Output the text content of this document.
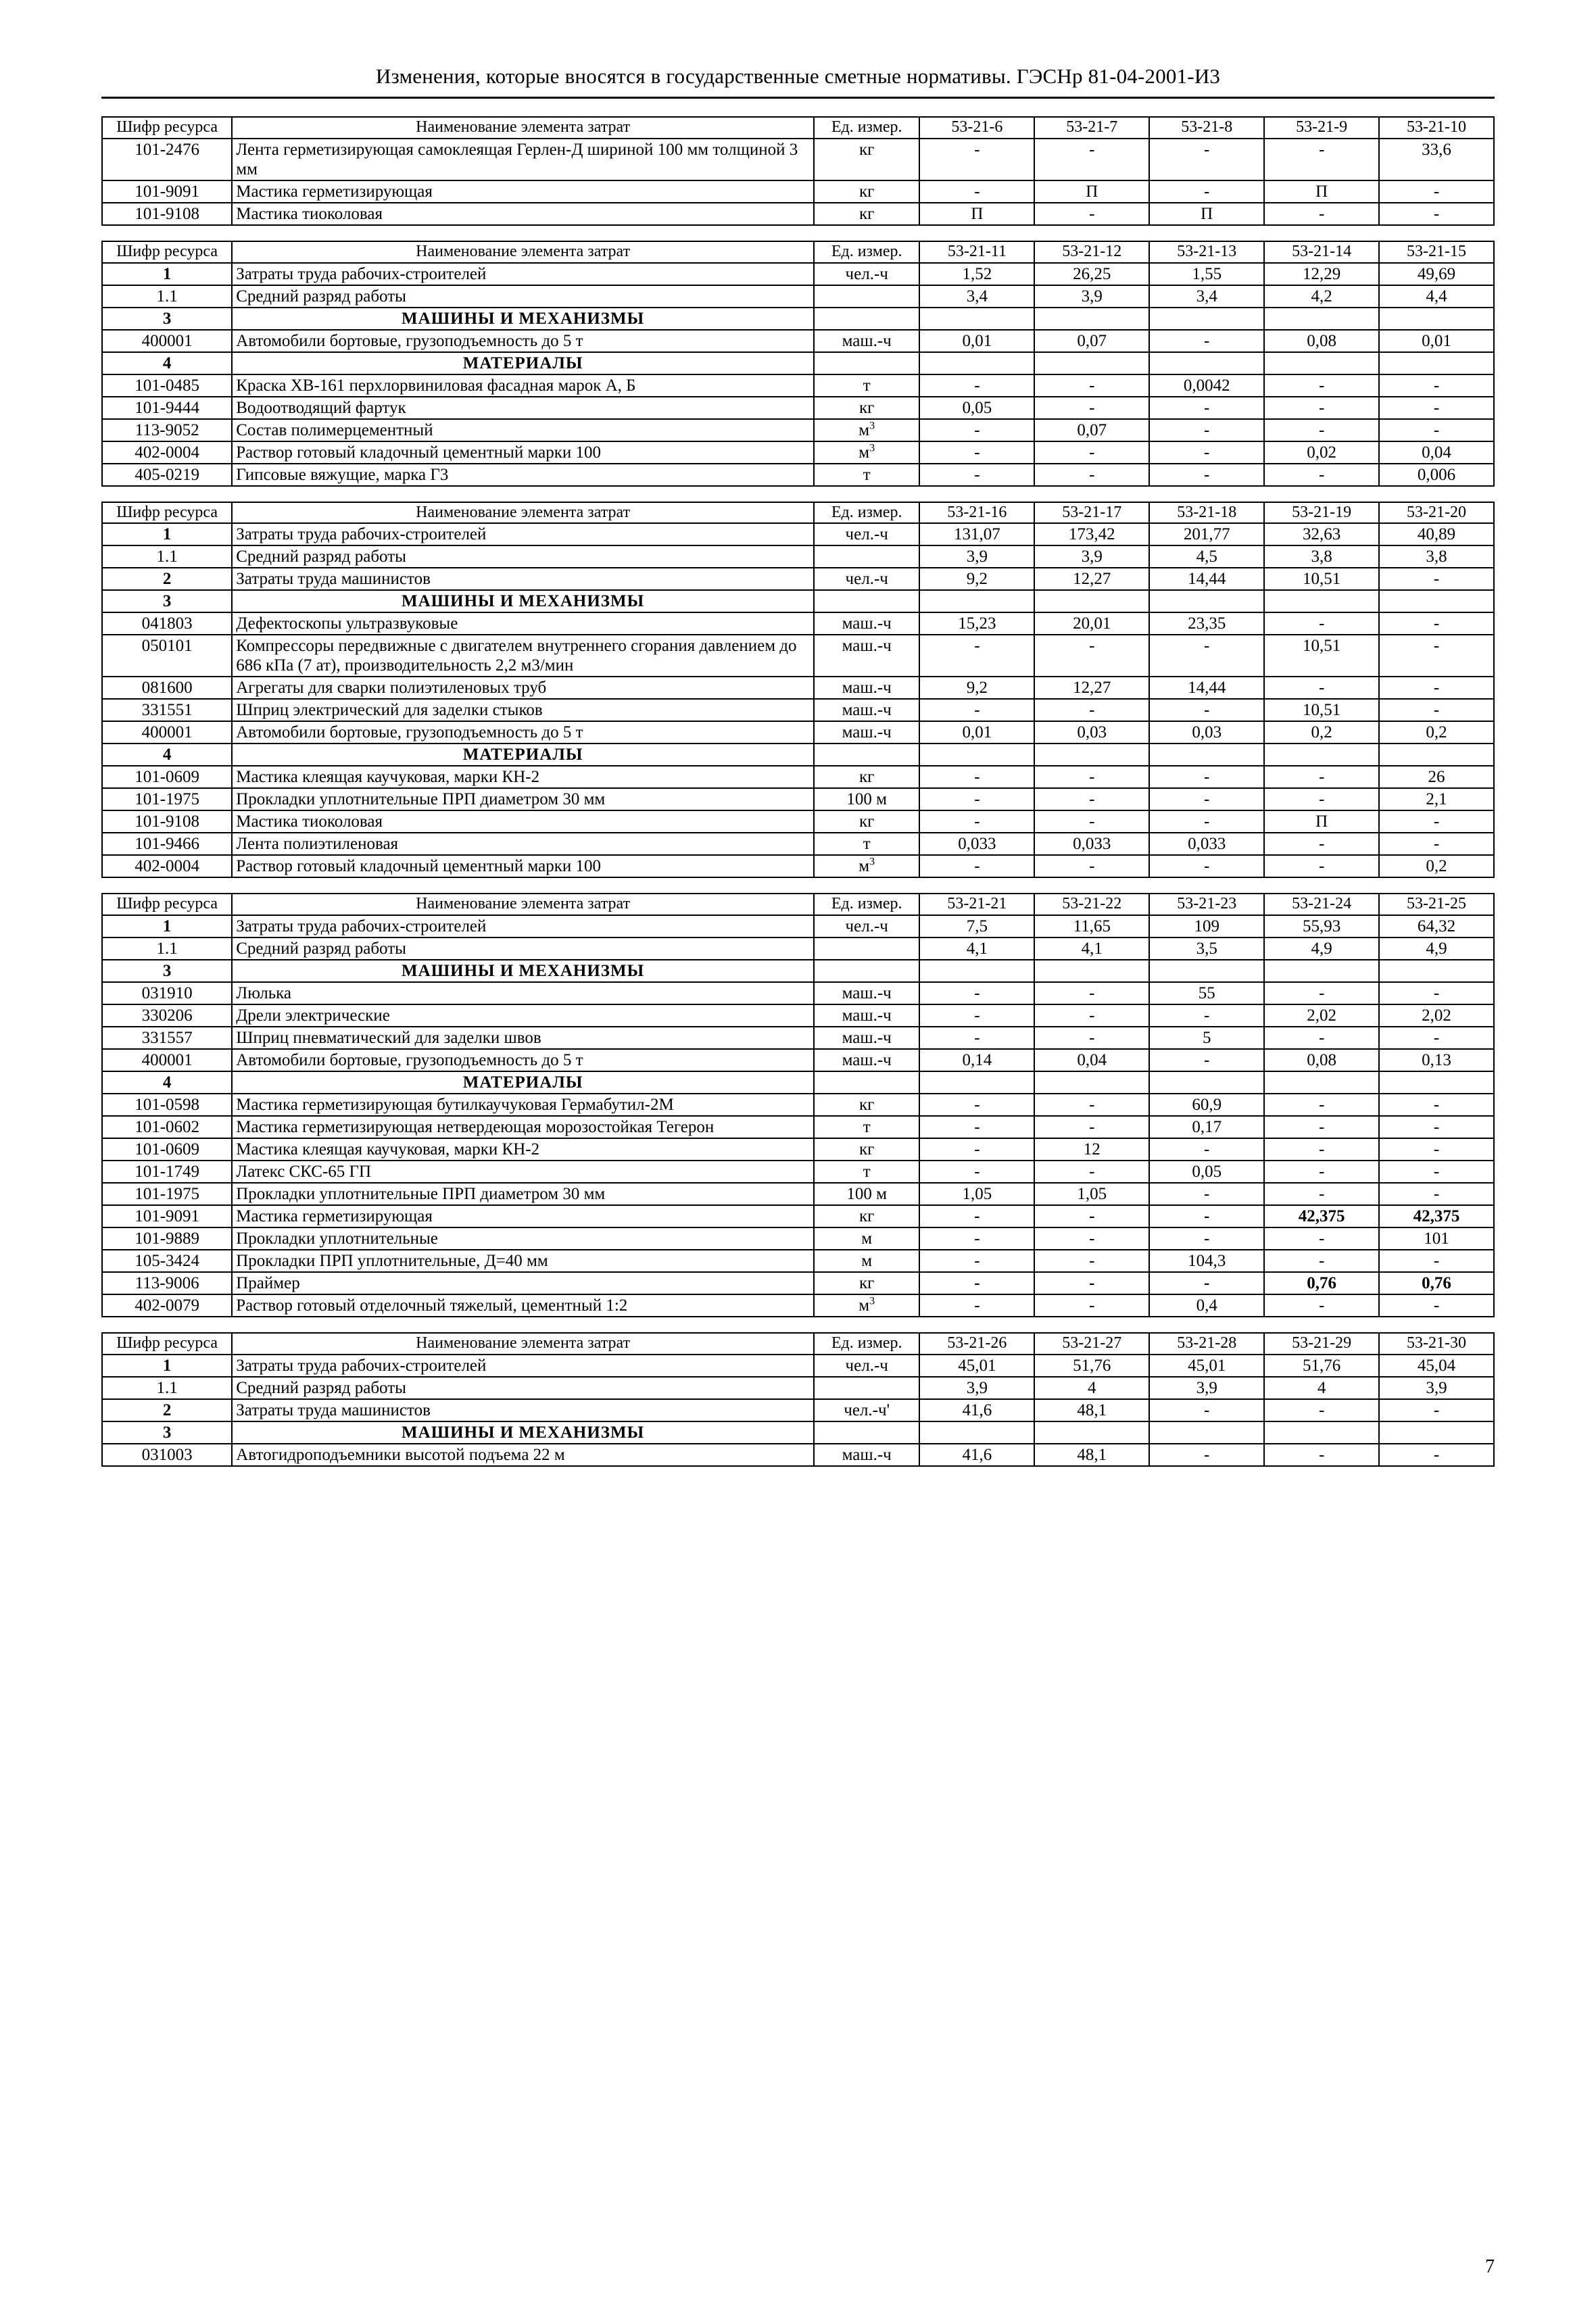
Изменения, которые вносятся в государственные сметные нормативы. ГЭСНр 81-04-2001-И3
Шифр ресурса	Наименование элемента затрат	Ед. измер.	53-21-6	53-21-7	53-21-8	53-21-9	53-21-10
101-2476	Лента герметизирующая самоклеящая Герлен-Д шириной 100 мм толщиной 3 мм	кг	-	-	-	-	33,6
101-9091	Мастика герметизирующая	кг	-	П	-	П	-
101-9108	Мастика тиоколовая	кг	П	-	П	-	-
Шифр ресурса	Наименование элемента затрат	Ед. измер.	53-21-11	53-21-12	53-21-13	53-21-14	53-21-15
1	Затраты труда рабочих-строителей	чел.-ч	1,52	26,25	1,55	12,29	49,69
1.1	Средний разряд работы		3,4	3,9	3,4	4,2	4,4
3	МАШИНЫ И МЕХАНИЗМЫ						
400001	Автомобили бортовые, грузоподъемность до 5 т	маш.-ч	0,01	0,07	-	0,08	0,01
4	МАТЕРИАЛЫ						
101-0485	Краска ХВ-161 перхлорвиниловая фасадная марок А, Б	т	-	-	0,0042	-	-
101-9444	Водоотводящий фартук	кг	0,05	-	-	-	-
113-9052	Состав полимерцементный	$м^3$	-	0,07	-	-	-
402-0004	Раствор готовый кладочный цементный марки 100	$м^3$	-	-	-	0,02	0,04
405-0219	Гипсовые вяжущие, марка Г3	т	-	-	-	-	0,006
Шифр ресурса	Наименование элемента затрат	Ед. измер.	53-21-16	53-21-17	53-21-18	53-21-19	53-21-20
1	Затраты труда рабочих-строителей	чел.-ч	131,07	173,42	201,77	32,63	40,89
1.1	Средний разряд работы		3,9	3,9	4,5	3,8	3,8
2	Затраты труда машинистов	чел.-ч	9,2	12,27	14,44	10,51	-
3	МАШИНЫ И МЕХАНИЗМЫ						
041803	Дефектоскопы ультразвуковые	маш.-ч	15,23	20,01	23,35	-	-
050101	Компрессоры передвижные с двигателем внутреннего сгорания давлением до 686 кПа (7 ат), производительность 2,2 м3/мин	маш.-ч	-	-	-	10,51	-
081600	Агрегаты для сварки полиэтиленовых труб	маш.-ч	9,2	12,27	14,44	-	-
331551	Шприц электрический для заделки стыков	маш.-ч	-	-	-	10,51	-
400001	Автомобили бортовые, грузоподъемность до 5 т	маш.-ч	0,01	0,03	0,03	0,2	0,2
4	МАТЕРИАЛЫ						
101-0609	Мастика клеящая каучуковая, марки КН-2	кг	-	-	-	-	26
101-1975	Прокладки уплотнительные ПРП диаметром 30 мм	100 м	-	-	-	-	2,1
101-9108	Мастика тиоколовая	кг	-	-	-	П	-
101-9466	Лента полиэтиленовая	т	0,033	0,033	0,033	-	-
402-0004	Раствор готовый кладочный цементный марки 100	$м^3$	-	-	-	-	0,2
Шифр ресурса	Наименование элемента затрат	Ед. измер.	53-21-21	53-21-22	53-21-23	53-21-24	53-21-25
1	Затраты труда рабочих-строителей	чел.-ч	7,5	11,65	109	55,93	64,32
1.1	Средний разряд работы		4,1	4,1	3,5	4,9	4,9
3	МАШИНЫ И МЕХАНИЗМЫ						
031910	Люлька	маш.-ч	-	-	55	-	-
330206	Дрели электрические	маш.-ч	-	-	-	2,02	2,02
331557	Шприц пневматический для заделки швов	маш.-ч	-	-	5	-	-
400001	Автомобили бортовые, грузоподъемность до 5 т	маш.-ч	0,14	0,04	-	0,08	0,13
4	МАТЕРИАЛЫ						
101-0598	Мастика герметизирующая бутилкаучуковая Гермабутил-2М	кг	-	-	60,9	-	-
101-0602	Мастика герметизирующая нетвердеющая морозостойкая Тегерон	т	-	-	0,17	-	-
101-0609	Мастика клеящая каучуковая, марки КН-2	кг	-	12	-	-	-
101-1749	Латекс СКС-65 ГП	т	-	-	0,05	-	-
101-1975	Прокладки уплотнительные ПРП диаметром 30 мм	100 м	1,05	1,05	-	-	-
101-9091	Мастика герметизирующая	кг	-	-	-	42,375	42,375
101-9889	Прокладки уплотнительные	м	-	-	-	-	101
105-3424	Прокладки ПРП уплотнительные, Д=40 мм	м	-	-	104,3	-	-
113-9006	Праймер	кг	-	-	-	0,76	0,76
402-0079	Раствор готовый отделочный тяжелый, цементный 1:2	$м^3$	-	-	0,4	-	-
Шифр ресурса	Наименование элемента затрат	Ед. измер.	53-21-26	53-21-27	53-21-28	53-21-29	53-21-30
1	Затраты труда рабочих-строителей	чел.-ч	45,01	51,76	45,01	51,76	45,04
1.1	Средний разряд работы		3,9	4	3,9	4	3,9
2	Затраты труда машинистов	чел.-ч'	41,6	48,1	-	-	-
3	МАШИНЫ И МЕХАНИЗМЫ						
031003	Автогидроподъемники высотой подъема 22 м	маш.-ч	41,6	48,1	-	-	-
7
